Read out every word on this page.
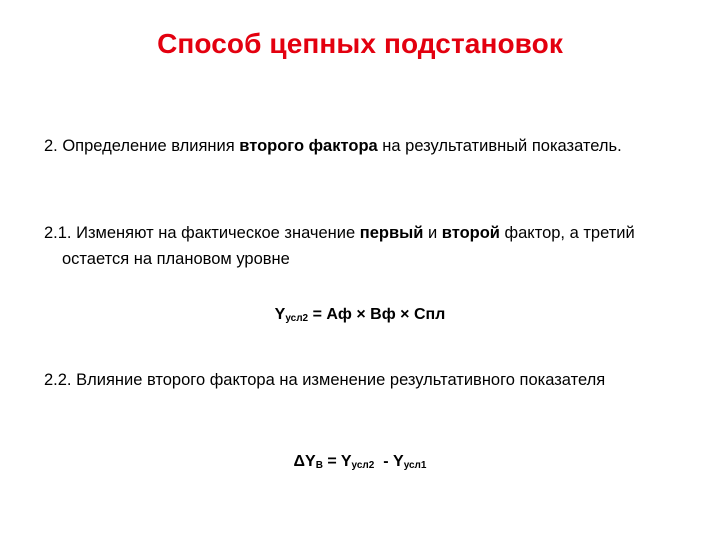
Способ цепных подстановок
2. Определение влияния второго фактора на результативный показатель.
2.1. Изменяют на фактическое значение первый и второй фактор, а третий остается на плановом уровне
$Y_{усл2}$ = Аф × Вф × Спл
2.2. Влияние второго фактора на изменение результативного показателя
$\Delta Y_B = Y_{усл2} - Y_{усл1}$
